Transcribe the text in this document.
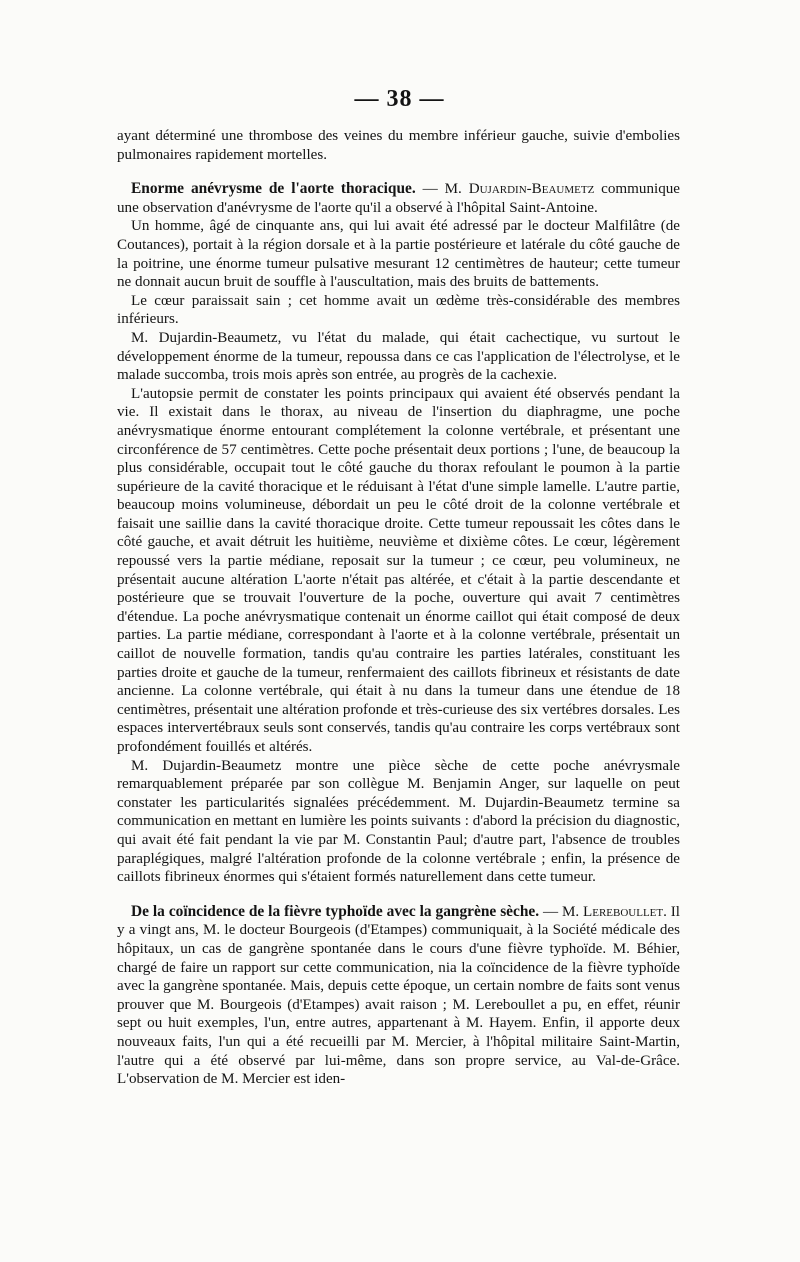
— 38 —

ayant déterminé une thrombose des veines du membre inférieur gauche, suivie d'embolies pulmonaires rapidement mortelles.

Enorme anévrysme de l'aorte thoracique. — M. Dujardin-Beaumetz communique une observation d'anévrysme de l'aorte qu'il a observé à l'hôpital Saint-Antoine.

Un homme, âgé de cinquante ans, qui lui avait été adressé par le docteur Malfilâtre (de Coutances), portait à la région dorsale et à la partie postérieure et latérale du côté gauche de la poitrine, une énorme tumeur pulsative mesurant 12 centimètres de hauteur; cette tumeur ne donnait aucun bruit de souffle à l'auscultation, mais des bruits de battements.

Le cœur paraissait sain ; cet homme avait un œdème très-considérable des membres inférieurs.

M. Dujardin-Beaumetz, vu l'état du malade, qui était cachectique, vu surtout le développement énorme de la tumeur, repoussa dans ce cas l'application de l'électrolyse, et le malade succomba, trois mois après son entrée, au progrès de la cachexie.

L'autopsie permit de constater les points principaux qui avaient été observés pendant la vie. Il existait dans le thorax, au niveau de l'insertion du diaphragme, une poche anévrysmatique énorme entourant complétement la colonne vertébrale, et présentant une circonférence de 57 centimètres. Cette poche présentait deux portions ; l'une, de beaucoup la plus considérable, occupait tout le côté gauche du thorax refoulant le poumon à la partie supérieure de la cavité thoracique et le réduisant à l'état d'une simple lamelle. L'autre partie, beaucoup moins volumineuse, débordait un peu le côté droit de la colonne vertébrale et faisait une saillie dans la cavité thoracique droite. Cette tumeur repoussait les côtes dans le côté gauche, et avait détruit les huitième, neuvième et dixième côtes. Le cœur, légèrement repoussé vers la partie médiane, reposait sur la tumeur ; ce cœur, peu volumineux, ne présentait aucune altération L'aorte n'était pas altérée, et c'était à la partie descendante et postérieure que se trouvait l'ouverture de la poche, ouverture qui avait 7 centimètres d'étendue. La poche anévrysmatique contenait un énorme caillot qui était composé de deux parties. La partie médiane, correspondant à l'aorte et à la colonne vertébrale, présentait un caillot de nouvelle formation, tandis qu'au contraire les parties latérales, constituant les parties droite et gauche de la tumeur, renfermaient des caillots fibrineux et résistants de date ancienne. La colonne vertébrale, qui était à nu dans la tumeur dans une étendue de 18 centimètres, présentait une altération profonde et très-curieuse des six vertébres dorsales. Les espaces intervertébraux seuls sont conservés, tandis qu'au contraire les corps vertébraux sont profondément fouillés et altérés.

M. Dujardin-Beaumetz montre une pièce sèche de cette poche anévrysmale remarquablement préparée par son collègue M. Benjamin Anger, sur laquelle on peut constater les particularités signalées précédemment. M. Dujardin-Beaumetz termine sa communication en mettant en lumière les points suivants : d'abord la précision du diagnostic, qui avait été fait pendant la vie par M. Constantin Paul; d'autre part, l'absence de troubles paraplégiques, malgré l'altération profonde de la colonne vertébrale ; enfin, la présence de caillots fibrineux énormes qui s'étaient formés naturellement dans cette tumeur.

De la coïncidence de la fièvre typhoïde avec la gangrène sèche. — M. Lereboullet. Il y a vingt ans, M. le docteur Bourgeois (d'Etampes) communiquait, à la Société médicale des hôpitaux, un cas de gangrène spontanée dans le cours d'une fièvre typhoïde. M. Béhier, chargé de faire un rapport sur cette communication, nia la coïncidence de la fièvre typhoïde avec la gangrène spontanée. Mais, depuis cette époque, un certain nombre de faits sont venus prouver que M. Bourgeois (d'Etampes) avait raison ; M. Lereboullet a pu, en effet, réunir sept ou huit exemples, l'un, entre autres, appartenant à M. Hayem. Enfin, il apporte deux nouveaux faits, l'un qui a été recueilli par M. Mercier, à l'hôpital militaire Saint-Martin, l'autre qui a été observé par lui-même, dans son propre service, au Val-de-Grâce. L'observation de M. Mercier est iden-
